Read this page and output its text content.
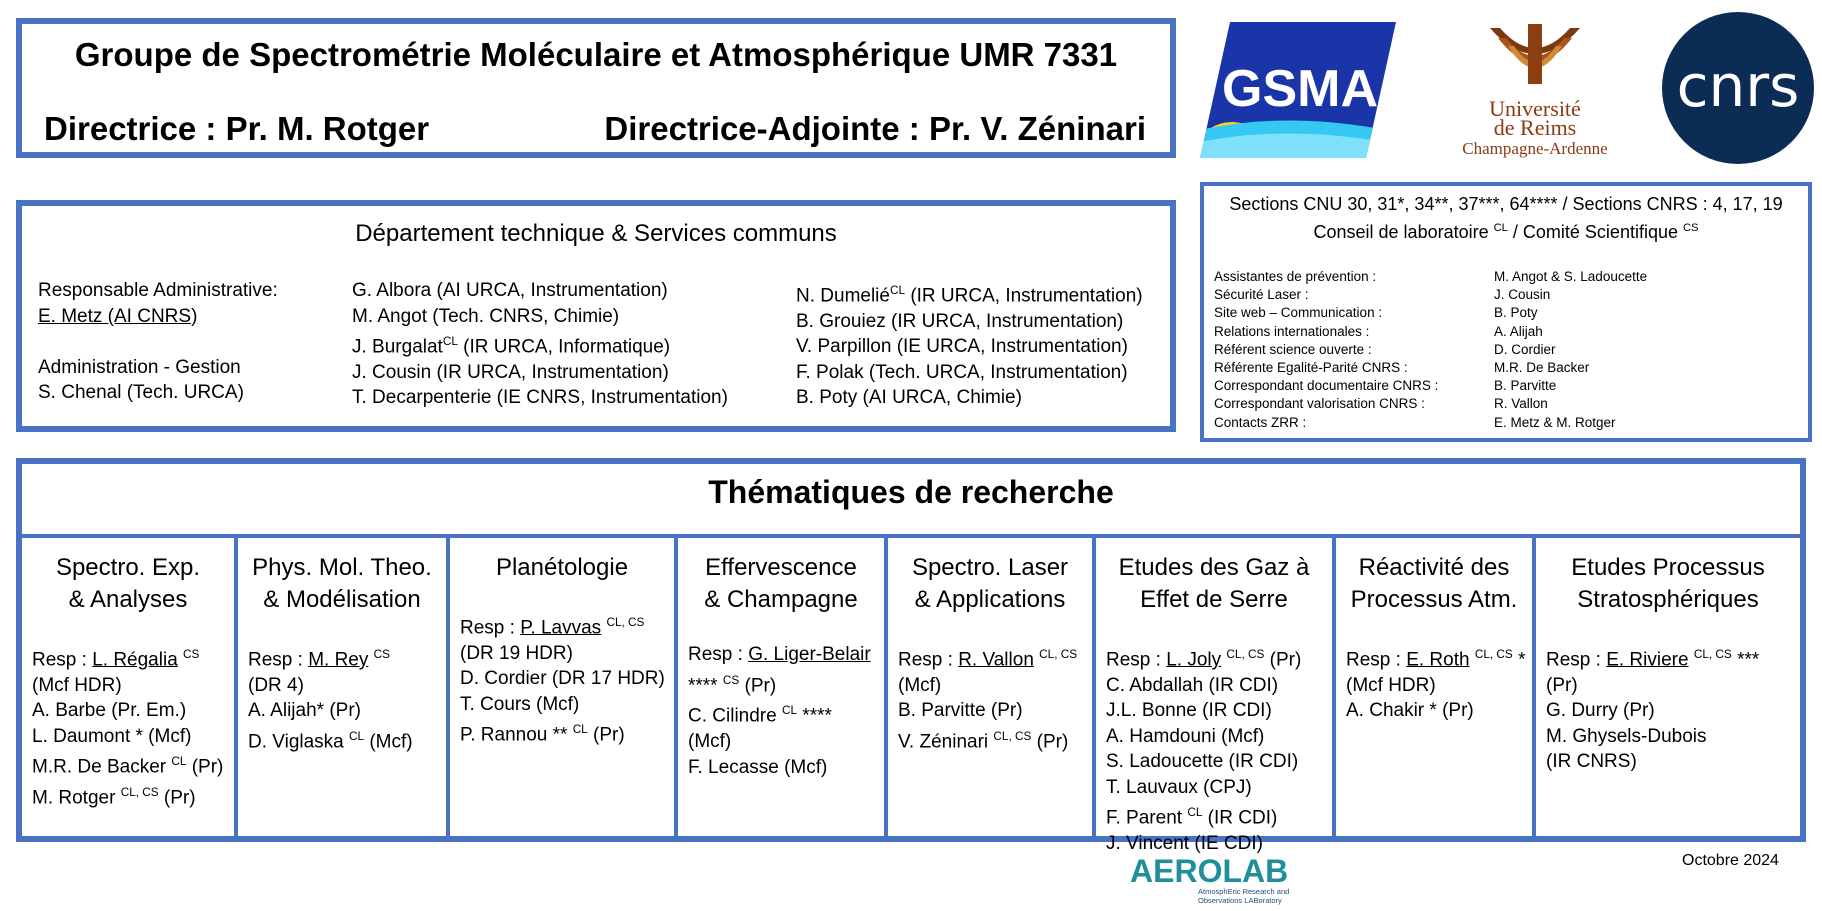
Groupe de Spectrométrie Moléculaire et Atmosphérique UMR 7331
Directrice : Pr. M. Rotger	Directrice-Adjointe : Pr. V. Zéninari
GSMA	Université
de Reims
Champagne-Ardenne
cnrs
Département technique & Services communs
Responsable Administrative:
E. Metz (AI CNRS)

Administration - Gestion
S. Chenal (Tech. URCA)
G. Albora (AI URCA, Instrumentation)
M. Angot (Tech. CNRS, Chimie)
J. Burgalat$^{CL}$ (IR URCA, Informatique)
J. Cousin (IR URCA, Instrumentation)
T. Decarpenterie (IE CNRS, Instrumentation)
N. Dumelié$^{CL}$ (IR URCA, Instrumentation)
B. Grouiez (IR URCA, Instrumentation)
V. Parpillon (IE URCA, Instrumentation)
F. Polak (Tech. URCA, Instrumentation)
B. Poty (AI URCA, Chimie)
Sections CNU 30, 31*, 34**, 37***, 64**** / Sections CNRS : 4, 17, 19
Conseil de laboratoire $^{CL}$ / Comité Scientifique $^{CS}$
Assistantes de prévention :
Sécurité Laser :
Site web – Communication :
Relations internationales :
Référent science ouverte :
Référente Egalité-Parité CNRS :
Correspondant documentaire CNRS :
Correspondant valorisation CNRS :
Contacts ZRR :
M. Angot & S. Ladoucette
J. Cousin
B. Poty
A. Alijah
D. Cordier
M.R. De Backer
B. Parvitte
R. Vallon
E. Metz & M. Rotger
Thématiques de recherche
Spectro. Exp.
& Analyses
Resp : L. Régalia $^{CS}$
(Mcf HDR)
A. Barbe (Pr. Em.)
L. Daumont * (Mcf)
M.R. De Backer $^{CL}$ (Pr)
M. Rotger $^{CL, CS}$ (Pr)
Phys. Mol. Theo.
& Modélisation
Resp : M. Rey $^{CS}$
(DR 4)
A. Alijah* (Pr)
D. Viglaska $^{CL}$ (Mcf)
Planétologie
Resp : P. Lavvas $^{CL, CS}$
(DR 19 HDR)
D. Cordier (DR 17 HDR)
T. Cours (Mcf)
P. Rannou ** $^{CL}$ (Pr)
Effervescence
& Champagne
Resp : G. Liger-Belair
**** $^{CS}$ (Pr)
C. Cilindre $^{CL}$ ****
(Mcf)
F. Lecasse (Mcf)
Spectro. Laser
& Applications
Resp : R. Vallon $^{CL, CS}$
(Mcf)
B. Parvitte (Pr)
V. Zéninari $^{CL, CS}$ (Pr)
Etudes des Gaz à
Effet de Serre
Resp : L. Joly $^{CL, CS}$ (Pr)
C. Abdallah (IR CDI)
J.L. Bonne (IR CDI)
A. Hamdouni (Mcf)
S. Ladoucette (IR CDI)
T. Lauvaux (CPJ)
F. Parent $^{CL}$ (IR CDI)
J. Vincent (IE CDI)
Réactivité des
Processus Atm.
Resp : E. Roth $^{CL, CS}$ *
(Mcf HDR)
A. Chakir * (Pr)
Etudes Processus
Stratosphériques
Resp : E. Riviere $^{CL, CS}$ ***
(Pr)
G. Durry (Pr)
M. Ghysels-Dubois
(IR CNRS)
AEROLAB
AtmosphEric Research and
Observations LABoratory
Octobre 2024
